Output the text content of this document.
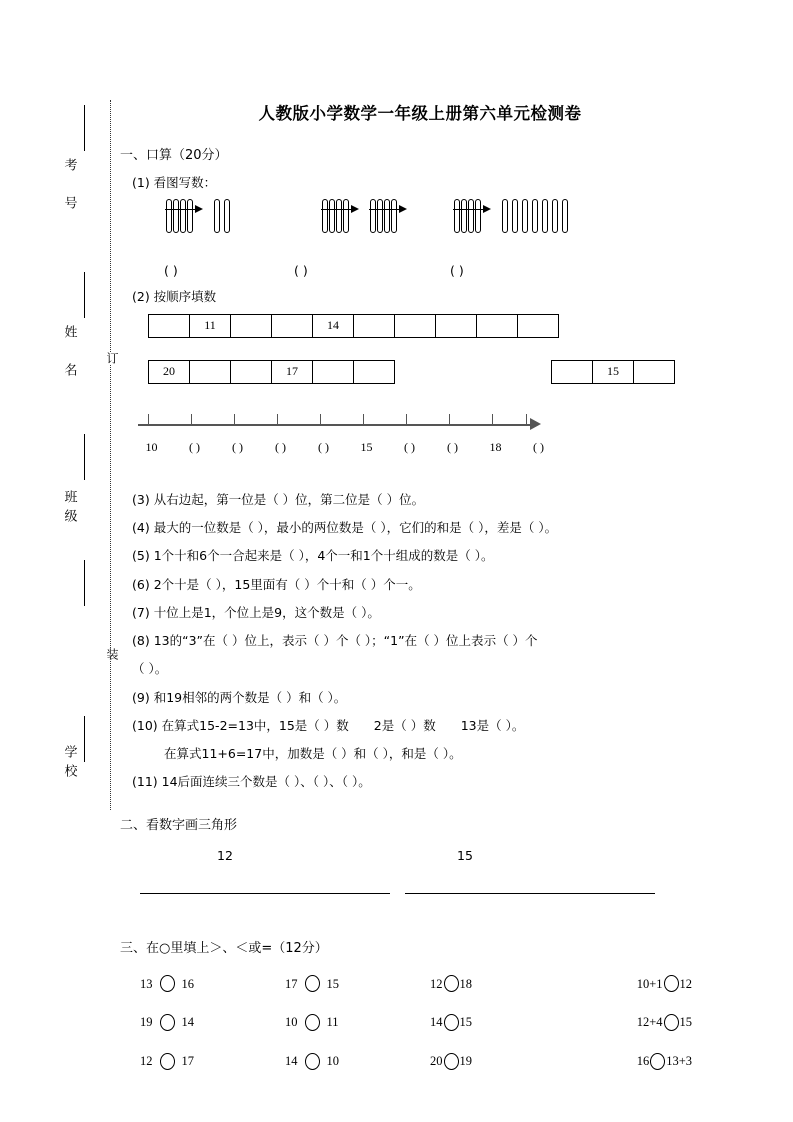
考　号
姓　名
班级
学校
订
装
人教版小学数学一年级上册第六单元检测卷
一、口算（20分）
(1) 看图写数：
( )	( )	( )
(2) 按顺序填数
	11			14					
20			17		
		15	
10	( )	( )	( )	( )	15	( )	( )	18	( )
(3) 从右边起，第一位是（ ）位，第二位是（ ）位。
(4) 最大的一位数是（ ），最小的两位数是（ ），它们的和是（ ），差是（ ）。
(5) 1个十和6个一合起来是（ ），4个一和1个十组成的数是（ ）。
(6) 2个十是（ ），15里面有（ ）个十和（ ）个一。
(7) 十位上是1，个位上是9，这个数是（ ）。
(8) 13的“3”在（ ）位上，表示（ ）个（ ）；“1”在（ ）位上表示（ ）个
（ ）。
(9) 和19相邻的两个数是（ ）和（ ）。
(10) 在算式15-2=13中，15是（ ）数　　2是（ ）数　　13是（ ）。
在算式11+6=17中，加数是（ ）和（ ），和是（ ）。
(11) 14后面连续三个数是（ ）、（ ）、（ ）。
二、看数字画三角形
12	15
三、在○里填上＞、＜或=（12分）
13 16	17 15	12 18	10+1 12
19 14	10 11	14 15	12+4 15
12 17	14 10	20 19	16 13+3
